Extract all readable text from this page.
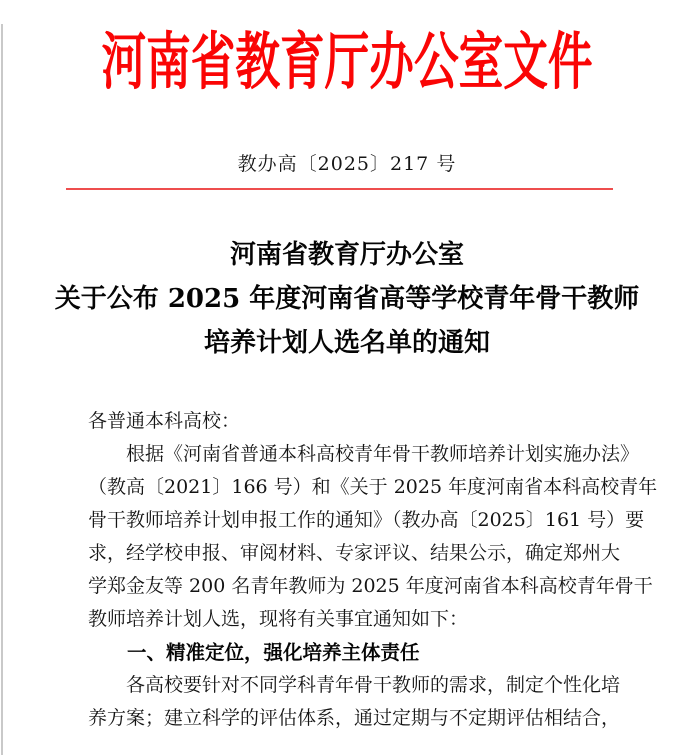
河南省教育厅办公室文件
教办高〔2025〕217 号
河南省教育厅办公室
关于公布 2025 年度河南省高等学校青年骨干教师
培养计划人选名单的通知
各普通本科高校：
根据《河南省普通本科高校青年骨干教师培养计划实施办法》
（教高〔2021〕166 号）和《关于 2025 年度河南省本科高校青年
骨干教师培养计划申报工作的通知》（教办高〔2025〕161 号）要
求，经学校申报、审阅材料、专家评议、结果公示，确定郑州大
学郑金友等 200 名青年教师为 2025 年度河南省本科高校青年骨干
教师培养计划人选，现将有关事宜通知如下：
一、精准定位，强化培养主体责任
各高校要针对不同学科青年骨干教师的需求，制定个性化培
养方案；建立科学的评估体系，通过定期与不定期评估相结合，
